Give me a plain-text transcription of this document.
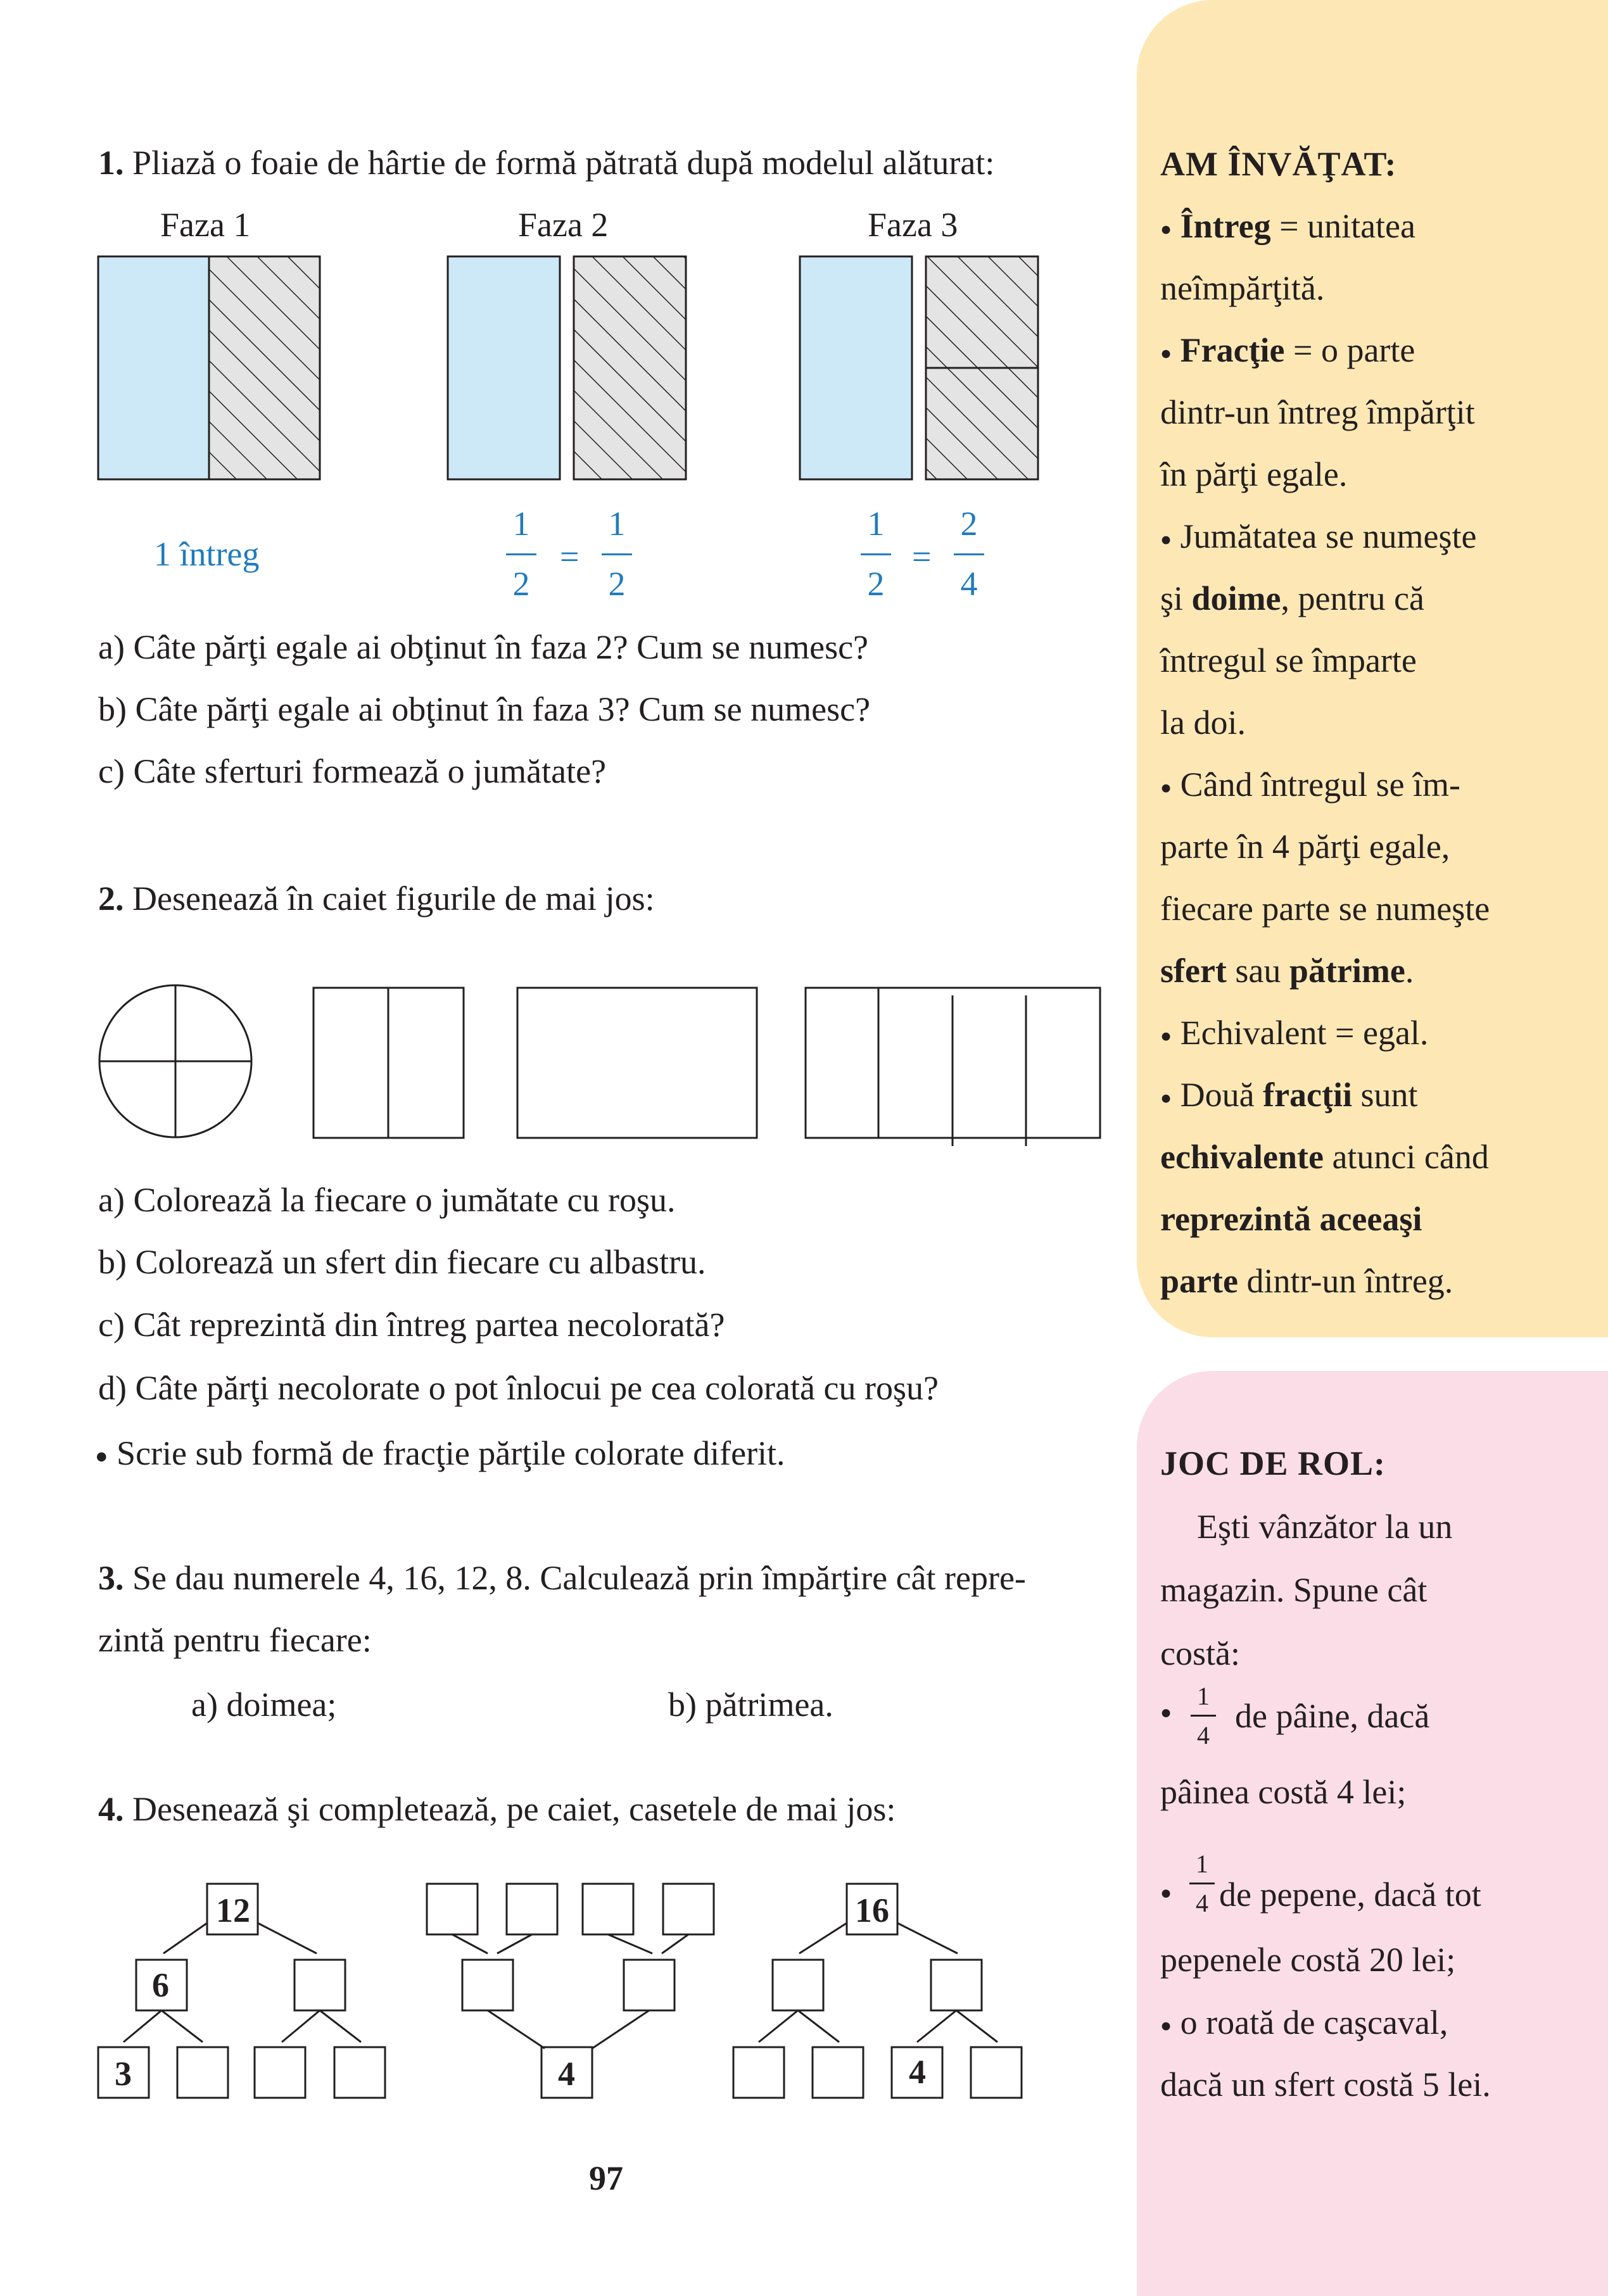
1. Pliază o foaie de hârtie de formă pătrată după modelul alăturat:
Faza 1	Faza 2	Faza 3
1 întreg
1
2
=
1
2
1
2
=
2
4
a) Câte părţi egale ai obţinut în faza 2? Cum se numesc?
b) Câte părţi egale ai obţinut în faza 3? Cum se numesc?
c) Câte sferturi formează o jumătate?
2. Desenează în caiet figurile de mai jos:
a) Colorează la fiecare o jumătate cu roşu.
b) Colorează un sfert din fiecare cu albastru.
c) Cât reprezintă din întreg partea necolorată?
d) Câte părţi necolorate o pot înlocui pe cea colorată cu roşu?
● Scrie sub formă de fracţie părţile colorate diferit.
3. Se dau numerele 4, 16, 12, 8. Calculează prin împărţire cât repre-
zintă pentru fiecare:
a) doimea;	b) pătrimea.
4. Desenează şi completează, pe caiet, casetele de mai jos:
12
6
3	4
16
4
97
AM ÎNVĂŢAT:
● Întreg = unitatea
neîmpărţită.
● Fracţie = o parte
dintr-un întreg împărţit
în părţi egale.
● Jumătatea se numeşte
şi doime, pentru că
întregul se împarte
la doi.
● Când întregul se îm-
parte în 4 părţi egale,
fiecare parte se numeşte
sfert sau pătrime.
● Echivalent = egal.
● Două fracţii sunt
echivalente atunci când
reprezintă aceeaşi
parte dintr-un întreg.
JOC DE ROL:
Eşti vânzător la un
magazin. Spune cât
costă:
●
1
4
de pâine, dacă
pâinea costă 4 lei;
●
1
4 de pepene, dacă tot
pepenele costă 20 lei;
● o roată de caşcaval,
dacă un sfert costă 5 lei.
